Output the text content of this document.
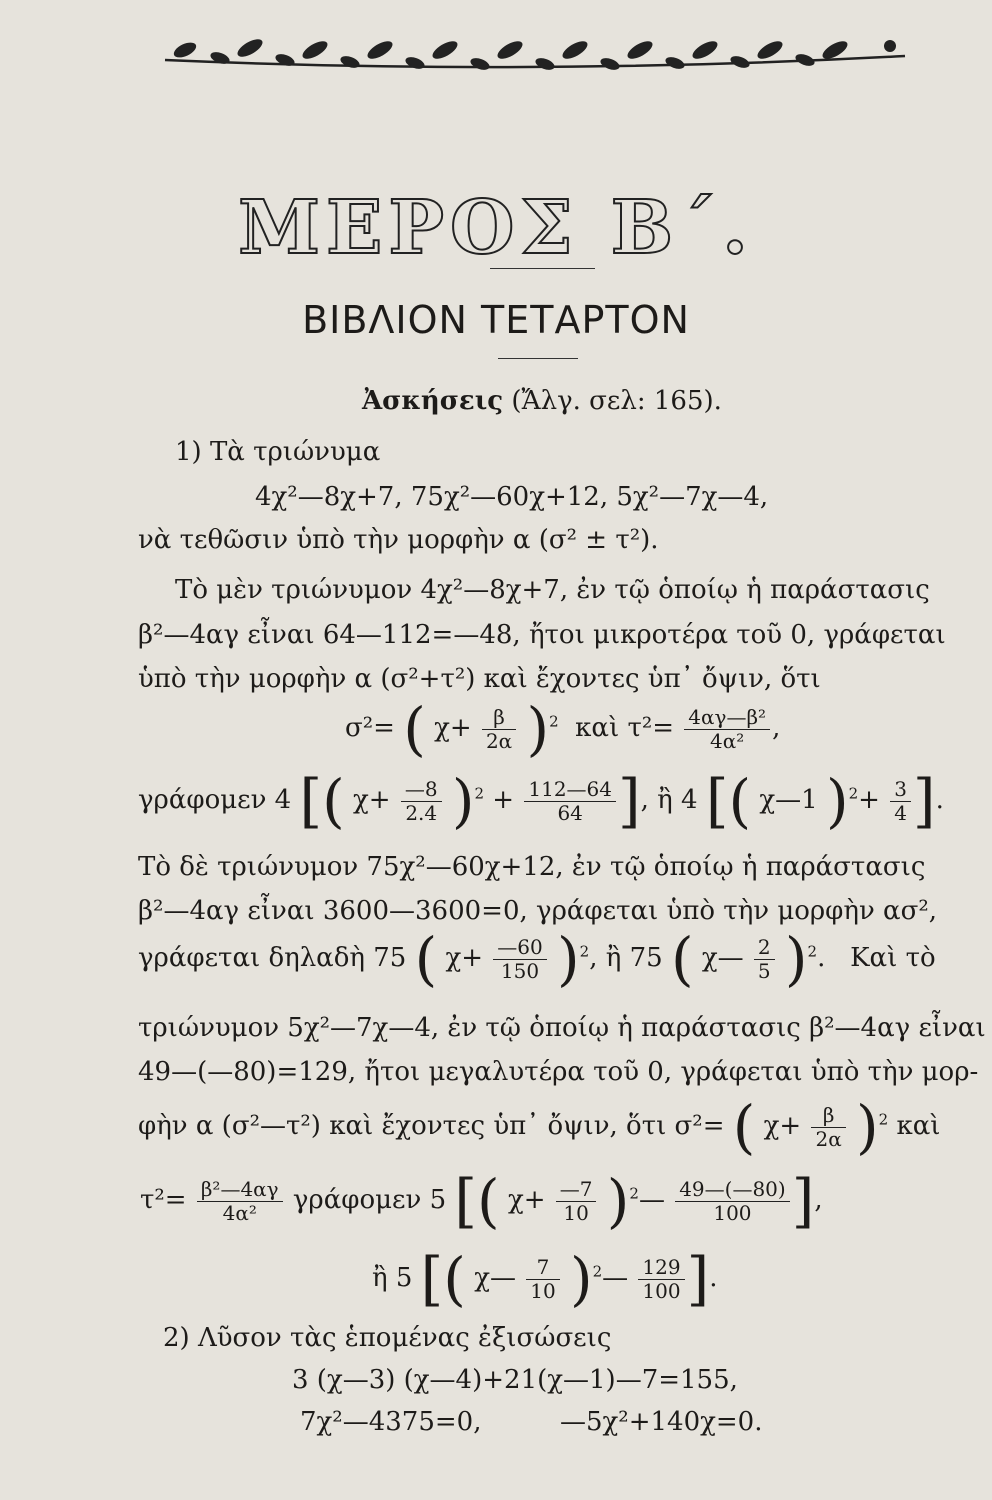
ΜΕΡΟΣ Β΄.
ΒΙΒΛΙΟΝ ΤΕΤΑΡΤΟΝ
Ἀσκήσεις (Ἄλγ. σελ: 165).
1) Τὰ τριώνυμα
4χ²—8χ+7, 75χ²—60χ+12, 5χ²—7χ—4,
νὰ τεθῶσιν ὑπὸ τὴν μορφὴν α (σ² ± τ²).
Τὸ μὲν τριώνυμον 4χ²—8χ+7, ἐν τῷ ὁποίῳ ἡ παράστασις
β²—4αγ εἶναι 64—112=—48, ἤτοι μικροτέρα τοῦ 0, γράφεται
ὑπὸ τὴν μορφὴν α (σ²+τ²) καὶ ἔχοντες ὑπ᾽ ὄψιν, ὅτι
σ²= ( $\chi+ \frac{\beta}{2\alpha} )^2$ καὶ $\tau^2= \frac{\text{4αγ—β²}}{\text{4α²}}$ ,
γράφομεν 4 [( $\chi+ \frac{—8}{2.4} )^2 + \frac{112—64}{64}$ ], ἢ 4 [( χ—1 )$^2+ \frac{3}{4}$ ].
Τὸ δὲ τριώνυμον 75χ²—60χ+12, ἐν τῷ ὁποίῳ ἡ παράστασις
β²—4αγ εἶναι 3600—3600=0, γράφεται ὑπὸ τὴν μορφὴν ασ²,
γράφεται δηλαδὴ 75 ( $\chi+ \frac{—60}{150} )^2$, ἢ 75 ( χ— $\frac{2}{5} )^2$.   Καὶ τὸ
τριώνυμον 5χ²—7χ—4, ἐν τῷ ὁποίῳ ἡ παράστασις β²—4αγ εἶναι
49—(—80)=129, ἤτοι μεγαλυτέρα τοῦ 0, γράφεται ὑπὸ τὴν μορ-
φὴν α (σ²—τ²) καὶ ἔχοντες ὑπ᾽ ὄψιν, ὅτι σ²= ( $\chi+ \frac{\beta}{2\alpha} )^2$ καὶ
$\tau^2= \frac{\text{β²—4αγ}}{\text{4α²}}$ γράφομεν 5 [( $\chi+ \frac{—7}{10}$ )$^2$— $\frac{49—(—80)}{100}$ ],
ἢ 5 [( χ— $\frac{7}{10}$ )$^2$— $\frac{129}{100}$ ].
2) Λῦσον τὰς ἑπομένας ἐξισώσεις
3 (χ—3) (χ—4)+21(χ—1)—7=155,
7χ²—4375=0,	—5χ²+140χ=0.
